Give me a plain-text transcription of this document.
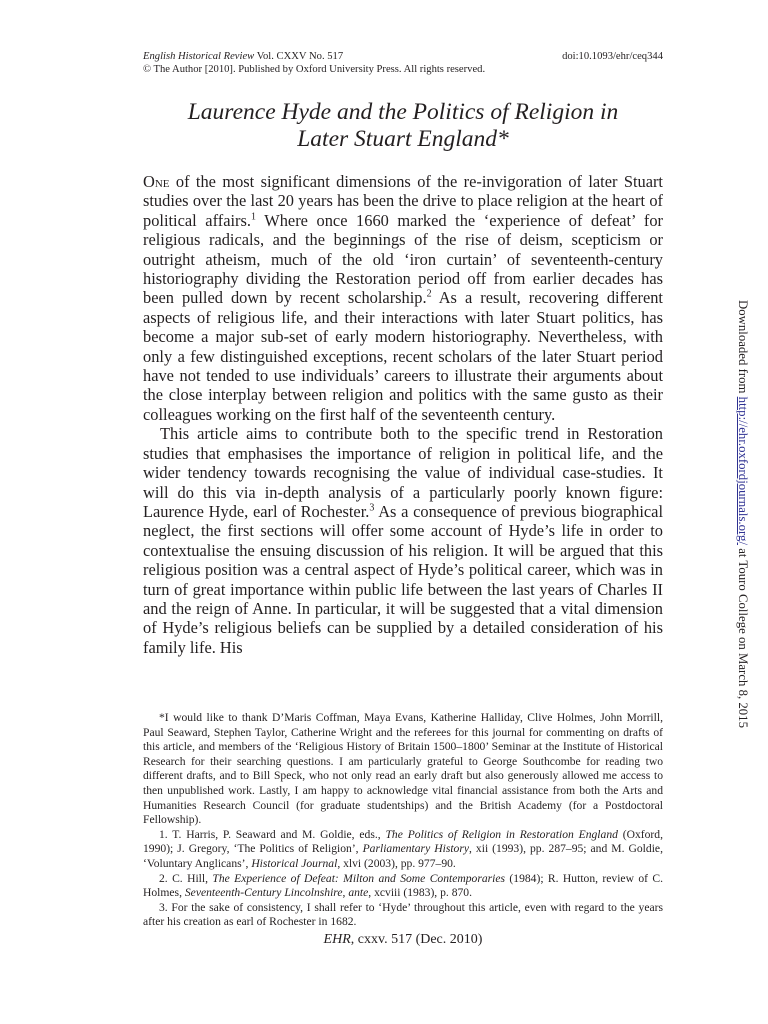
English Historical Review Vol. CXXV No. 517	doi:10.1093/ehr/ceq344
© The Author [2010]. Published by Oxford University Press. All rights reserved.
Laurence Hyde and the Politics of Religion in
Later Stuart England*

One of the most significant dimensions of the re-invigoration of later Stuart studies over the last 20 years has been the drive to place religion at the heart of political affairs.$^1$ Where once 1660 marked the ‘experience of defeat’ for religious radicals, and the beginnings of the rise of deism, scepticism or outright atheism, much of the old ‘iron curtain’ of seventeenth-century historiography dividing the Restoration period off from earlier decades has been pulled down by recent scholarship.$^2$ As a result, recovering different aspects of religious life, and their interactions with later Stuart politics, has become a major sub-set of early modern historiography. Nevertheless, with only a few distinguished exceptions, recent scholars of the later Stuart period have not tended to use individuals’ careers to illustrate their arguments about the close interplay between religion and politics with the same gusto as their colleagues working on the first half of the seventeenth century.

This article aims to contribute both to the specific trend in Restoration studies that emphasises the importance of religion in political life, and the wider tendency towards recognising the value of individual case-studies. It will do this via in-depth analysis of a particularly poorly known figure: Laurence Hyde, earl of Rochester.$^3$ As a consequence of previous biographical neglect, the first sections will offer some account of Hyde’s life in order to contextualise the ensuing discussion of his religion. It will be argued that this religious position was a central aspect of Hyde’s political career, which was in turn of great importance within public life between the last years of Charles II and the reign of Anne. In particular, it will be suggested that a vital dimension of Hyde’s religious beliefs can be supplied by a detailed consideration of his family life. His

*I would like to thank D’Maris Coffman, Maya Evans, Katherine Halliday, Clive Holmes, John Morrill, Paul Seaward, Stephen Taylor, Catherine Wright and the referees for this journal for commenting on drafts of this article, and members of the ‘Religious History of Britain 1500–1800’ Seminar at the Institute of Historical Research for their searching questions. I am particularly grateful to George Southcombe for reading two different drafts, and to Bill Speck, who not only read an early draft but also generously allowed me access to then unpublished work. Lastly, I am happy to acknowledge vital financial assistance from both the Arts and Humanities Research Council (for graduate studentships) and the British Academy (for a Postdoctoral Fellowship).

1. T. Harris, P. Seaward and M. Goldie, eds., The Politics of Religion in Restoration England (Oxford, 1990); J. Gregory, ‘The Politics of Religion’, Parliamentary History, xii (1993), pp. 287–95; and M. Goldie, ‘Voluntary Anglicans’, Historical Journal, xlvi (2003), pp. 977–90.

2. C. Hill, The Experience of Defeat: Milton and Some Contemporaries (1984); R. Hutton, review of C. Holmes, Seventeenth-Century Lincolnshire, ante, xcviii (1983), p. 870.

3. For the sake of consistency, I shall refer to ‘Hyde’ throughout this article, even with regard to the years after his creation as earl of Rochester in 1682.

EHR, cxxv. 517 (Dec. 2010)
Downloaded from http://ehr.oxfordjournals.org/ at Touro College on March 8, 2015
